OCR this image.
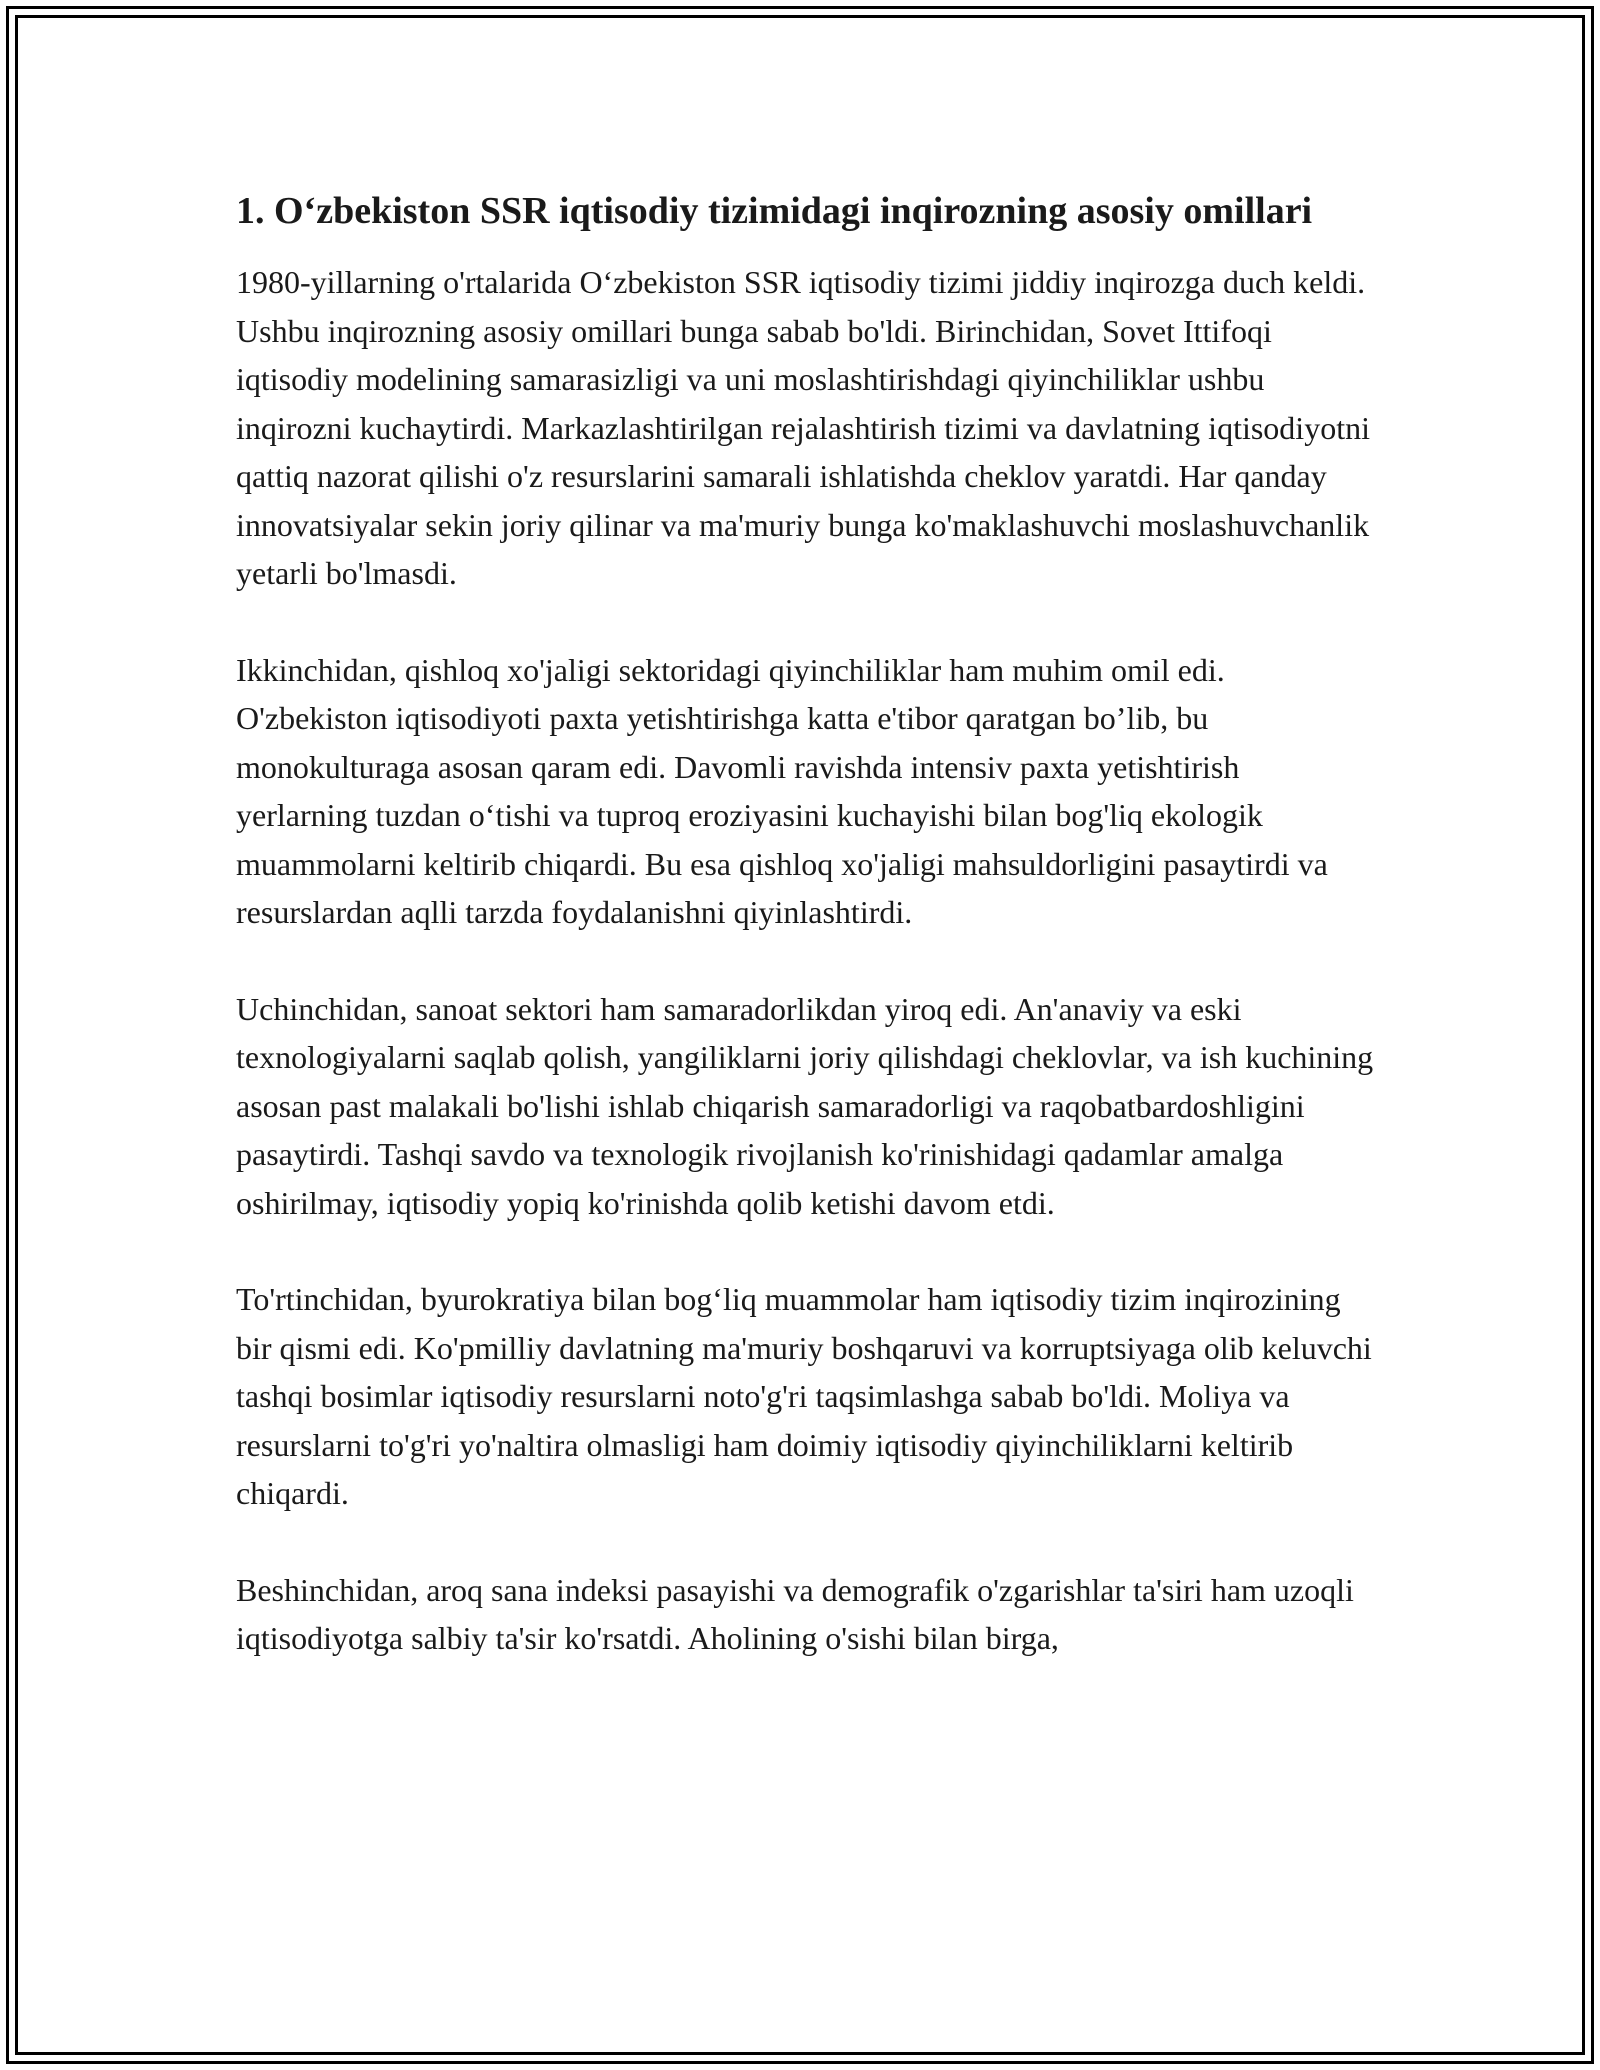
1. O‘zbekiston SSR iqtisodiy tizimidagi inqirozning asosiy omillari

1980-yillarning o'rtalarida O‘zbekiston SSR iqtisodiy tizimi jiddiy inqirozga duch keldi. Ushbu inqirozning asosiy omillari bunga sabab bo'ldi. Birinchidan, Sovet Ittifoqi iqtisodiy modelining samarasizligi va uni moslashtirishdagi qiyinchiliklar ushbu inqirozni kuchaytirdi. Markazlashtirilgan rejalashtirish tizimi va davlatning iqtisodiyotni qattiq nazorat qilishi o'z resurslarini samarali ishlatishda cheklov yaratdi. Har qanday innovatsiyalar sekin joriy qilinar va ma'muriy bunga ko'maklashuvchi moslashuvchanlik yetarli bo'lmasdi.

Ikkinchidan, qishloq xo'jaligi sektoridagi qiyinchiliklar ham muhim omil edi. O'zbekiston iqtisodiyoti paxta yetishtirishga katta e'tibor qaratgan bo’lib, bu monokulturaga asosan qaram edi. Davomli ravishda intensiv paxta yetishtirish yerlarning tuzdan o‘tishi va tuproq eroziyasini kuchayishi bilan bog'liq ekologik muammolarni keltirib chiqardi. Bu esa qishloq xo'jaligi mahsuldorligini pasaytirdi va resurslardan aqlli tarzda foydalanishni qiyinlashtirdi.

Uchinchidan, sanoat sektori ham samaradorlikdan yiroq edi. An'anaviy va eski texnologiyalarni saqlab qolish, yangiliklarni joriy qilishdagi cheklovlar, va ish kuchining asosan past malakali bo'lishi ishlab chiqarish samaradorligi va raqobatbardoshligini pasaytirdi. Tashqi savdo va texnologik rivojlanish ko'rinishidagi qadamlar amalga oshirilmay, iqtisodiy yopiq ko'rinishda qolib ketishi davom etdi.

To'rtinchidan, byurokratiya bilan bog‘liq muammolar ham iqtisodiy tizim inqirozining bir qismi edi. Ko'pmilliy davlatning ma'muriy boshqaruvi va korruptsiyaga olib keluvchi tashqi bosimlar iqtisodiy resurslarni noto'g'ri taqsimlashga sabab bo'ldi. Moliya va resurslarni to'g'ri yo'naltira olmasligi ham doimiy iqtisodiy qiyinchiliklarni keltirib chiqardi.

Beshinchidan, aroq sana indeksi pasayishi va demografik o'zgarishlar ta'siri ham uzoqli iqtisodiyotga salbiy ta'sir ko'rsatdi. Aholining o'sishi bilan birga,
